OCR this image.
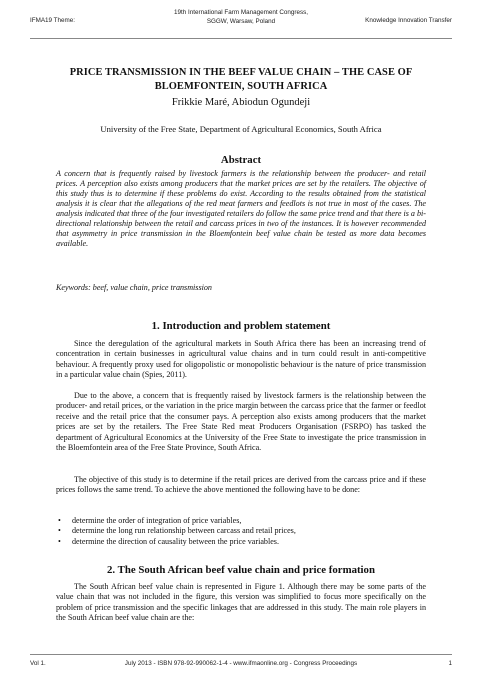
19th International Farm Management Congress,
IFMA19 Theme:	SGGW, Warsaw, Poland	Knowledge Innovation Transfer
PRICE TRANSMISSION IN THE BEEF VALUE CHAIN – THE CASE OF BLOEMFONTEIN, SOUTH AFRICA
Frikkie Maré, Abiodun Ogundeji
University of the Free State, Department of Agricultural Economics, South Africa
Abstract

A concern that is frequently raised by livestock farmers is the relationship between the producer- and retail prices. A perception also exists among producers that the market prices are set by the retailers. The objective of this study thus is to determine if these problems do exist. According to the results obtained from the statistical analysis it is clear that the allegations of the red meat farmers and feedlots is not true in most of the cases. The analysis indicated that three of the four investigated retailers do follow the same price trend and that there is a bi-directional relationship between the retail and carcass prices in two of the instances. It is however recommended that asymmetry in price transmission in the Bloemfontein beef value chain be tested as more data becomes available.

Keywords: beef, value chain, price transmission
1. Introduction and problem statement

Since the deregulation of the agricultural markets in South Africa there has been an increasing trend of concentration in certain businesses in agricultural value chains and in turn could result in anti-competitive behaviour. A frequently proxy used for oligopolistic or monopolistic behaviour is the nature of price transmission in a particular value chain (Spies, 2011).

Due to the above, a concern that is frequently raised by livestock farmers is the relationship between the producer- and retail prices, or the variation in the price margin between the carcass price that the farmer or feedlot receive and the retail price that the consumer pays. A perception also exists among producers that the market prices are set by the retailers. The Free State Red meat Producers Organisation (FSRPO) has tasked the department of Agricultural Economics at the University of the Free State to investigate the price transmission in the Bloemfontein area of the Free State Province, South Africa.

The objective of this study is to determine if the retail prices are derived from the carcass price and if these prices follows the same trend. To achieve the above mentioned the following have to be done:

• determine the order of integration of price variables,
• determine the long run relationship between carcass and retail prices,
• determine the direction of causality between the price variables.
2. The South African beef value chain and price formation

The South African beef value chain is represented in Figure 1. Although there may be some parts of the value chain that was not included in the figure, this version was simplified to focus more specifically on the problem of price transmission and the specific linkages that are addressed in this study. The main role players in the South African beef value chain are the:

Vol 1.	July 2013 - ISBN 978-92-990062-1-4 - www.ifmaonline.org - Congress Proceedings	1
